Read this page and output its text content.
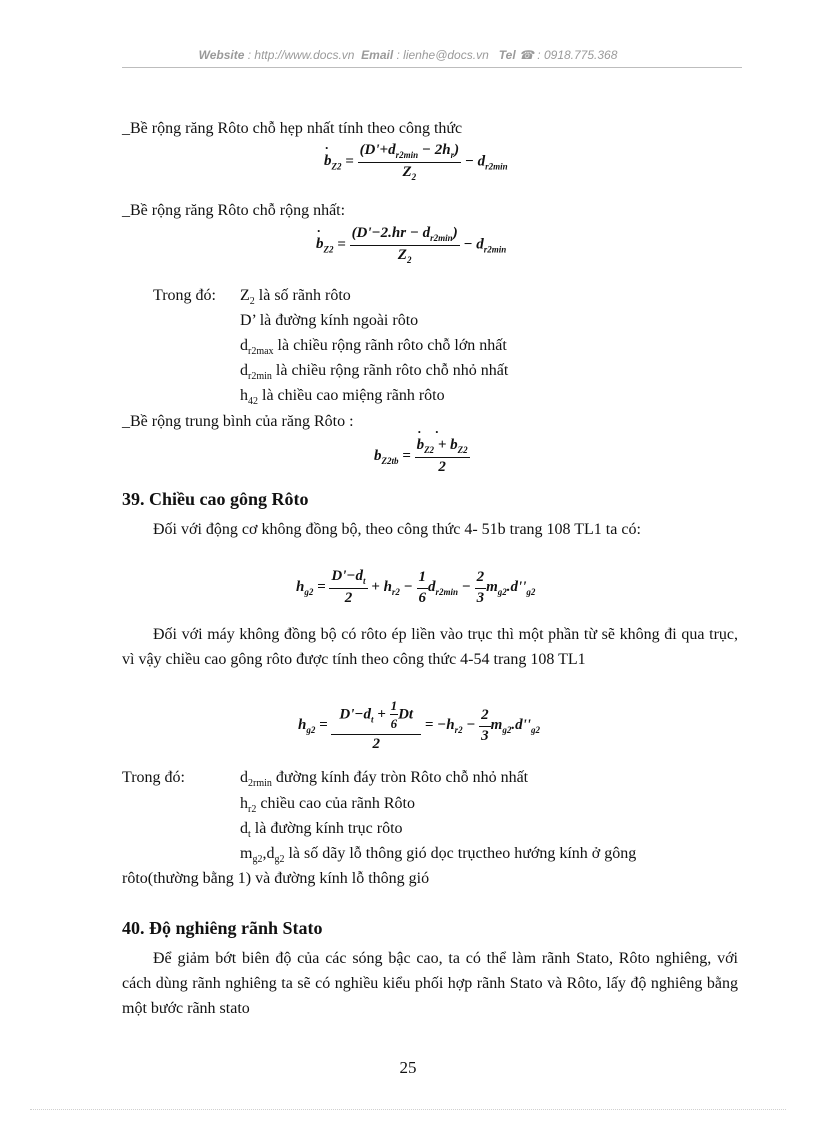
Website : http://www.docs.vn Email : lienhe@docs.vn Tel ☎ : 0918.775.368
_Bề rộng răng Rôto chỗ hẹp nhất tính theo công thức
· $b_{Z2} = \frac{(D'+d_{r2min} - 2h_r)}{Z_2} - d_{r2min}$
_Bề rộng răng Rôto chỗ rộng nhất:
· $b_{Z2} = \frac{(D'-2.hr - d_{r2min})}{Z_2} - d_{r2min}$
Trong đó: $Z_2$ là số rãnh rôto
D’ là đường kính ngoài rôto
$d_{r2max}$ là chiều rộng rãnh rôto chỗ lớn nhất
$d_{r2min}$ là chiều rộng rãnh rôto chỗ nhỏ nhất
$h_{42}$ là chiều cao miệng rãnh rôto
_Bề rộng trung bình của răng Rôto :
$b_{Z2tb}$ =
· $\frac{b_{Z2}\cdot + b_{Z2}}{2}$
39. Chiều cao gông Rôto
Đối với động cơ không đồng bộ, theo công thức 4- 51b trang 108 TL1 ta có:
$h_{g2} = \frac{D'-d_t}{2} + h_{r2} - \frac{1}{6} d_{r2min} - \frac{2}{3} m_{g2}.d''_{g2}$
Đối với máy không đồng bộ có rôto ép liền vào trục thì một phần từ sẽ không đi qua trục, vì vậy chiều cao gông rôto được tính theo công thức 4-54 trang 108 TL1
$h_{g2} = \frac{D'-d_t + \frac{1}{6} Dt}{2} = -h_{r2} - \frac{2}{3} m_{g2}.d''_{g2}$
Trong đó:	$d_{2rmin}$ đường kính đáy tròn Rôto chỗ nhỏ nhất
$h_{r2}$ chiều cao của rãnh Rôto
$d_t$ là đường kính trục rôto
$m_{g2},d_{g2}$ là số dãy lỗ thông gió dọc trụctheo hướng kính ở gông
rôto(thường bằng 1) và đường kính lỗ thông gió
40. Độ nghiêng rãnh Stato
Để giảm bớt biên độ của các sóng bậc cao, ta có thể làm rãnh Stato, Rôto nghiêng, với cách dùng rãnh nghiêng ta sẽ có nghiều kiểu phối hợp rãnh Stato và Rôto, lấy độ nghiêng bằng một bước rãnh stato
25
